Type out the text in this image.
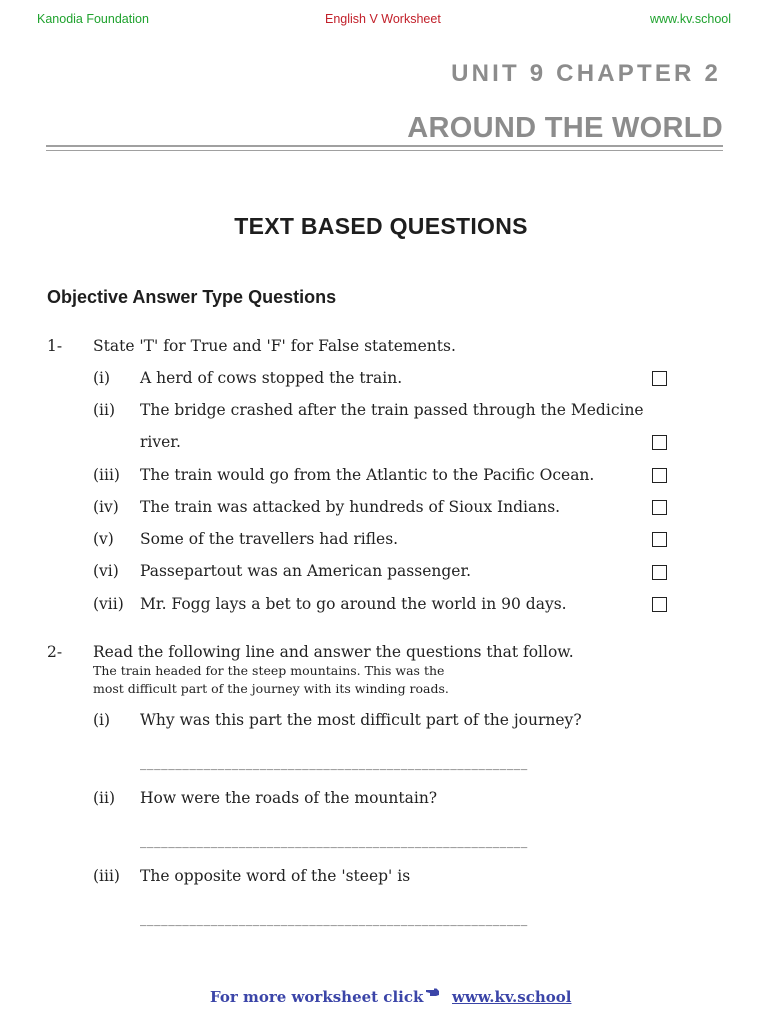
Kanodia Foundation	English V Worksheet	www.kv.school
UNIT 9 CHAPTER 2
AROUND THE WORLD
TEXT BASED QUESTIONS
Objective Answer Type Questions
1- State 'T' for True and 'F' for False statements.
(i) A herd of cows stopped the train.
(ii) The bridge crashed after the train passed through the Medicine
river.
(iii) The train would go from the Atlantic to the Pacific Ocean.
(iv) The train was attacked by hundreds of Sioux Indians.
(v) Some of the travellers had rifles.
(vi) Passepartout was an American passenger.
(vii) Mr. Fogg lays a bet to go around the world in 90 days.
2- Read the following line and answer the questions that follow.
The train headed for the steep mountains. This was the
most difficult part of the journey with its winding roads.
(i) Why was this part the most difficult part of the journey?
_______________________________________________________
(ii) How were the roads of the mountain?
_______________________________________________________
(iii) The opposite word of the 'steep' is
_______________________________________________________
For more worksheet click www.kv.school
